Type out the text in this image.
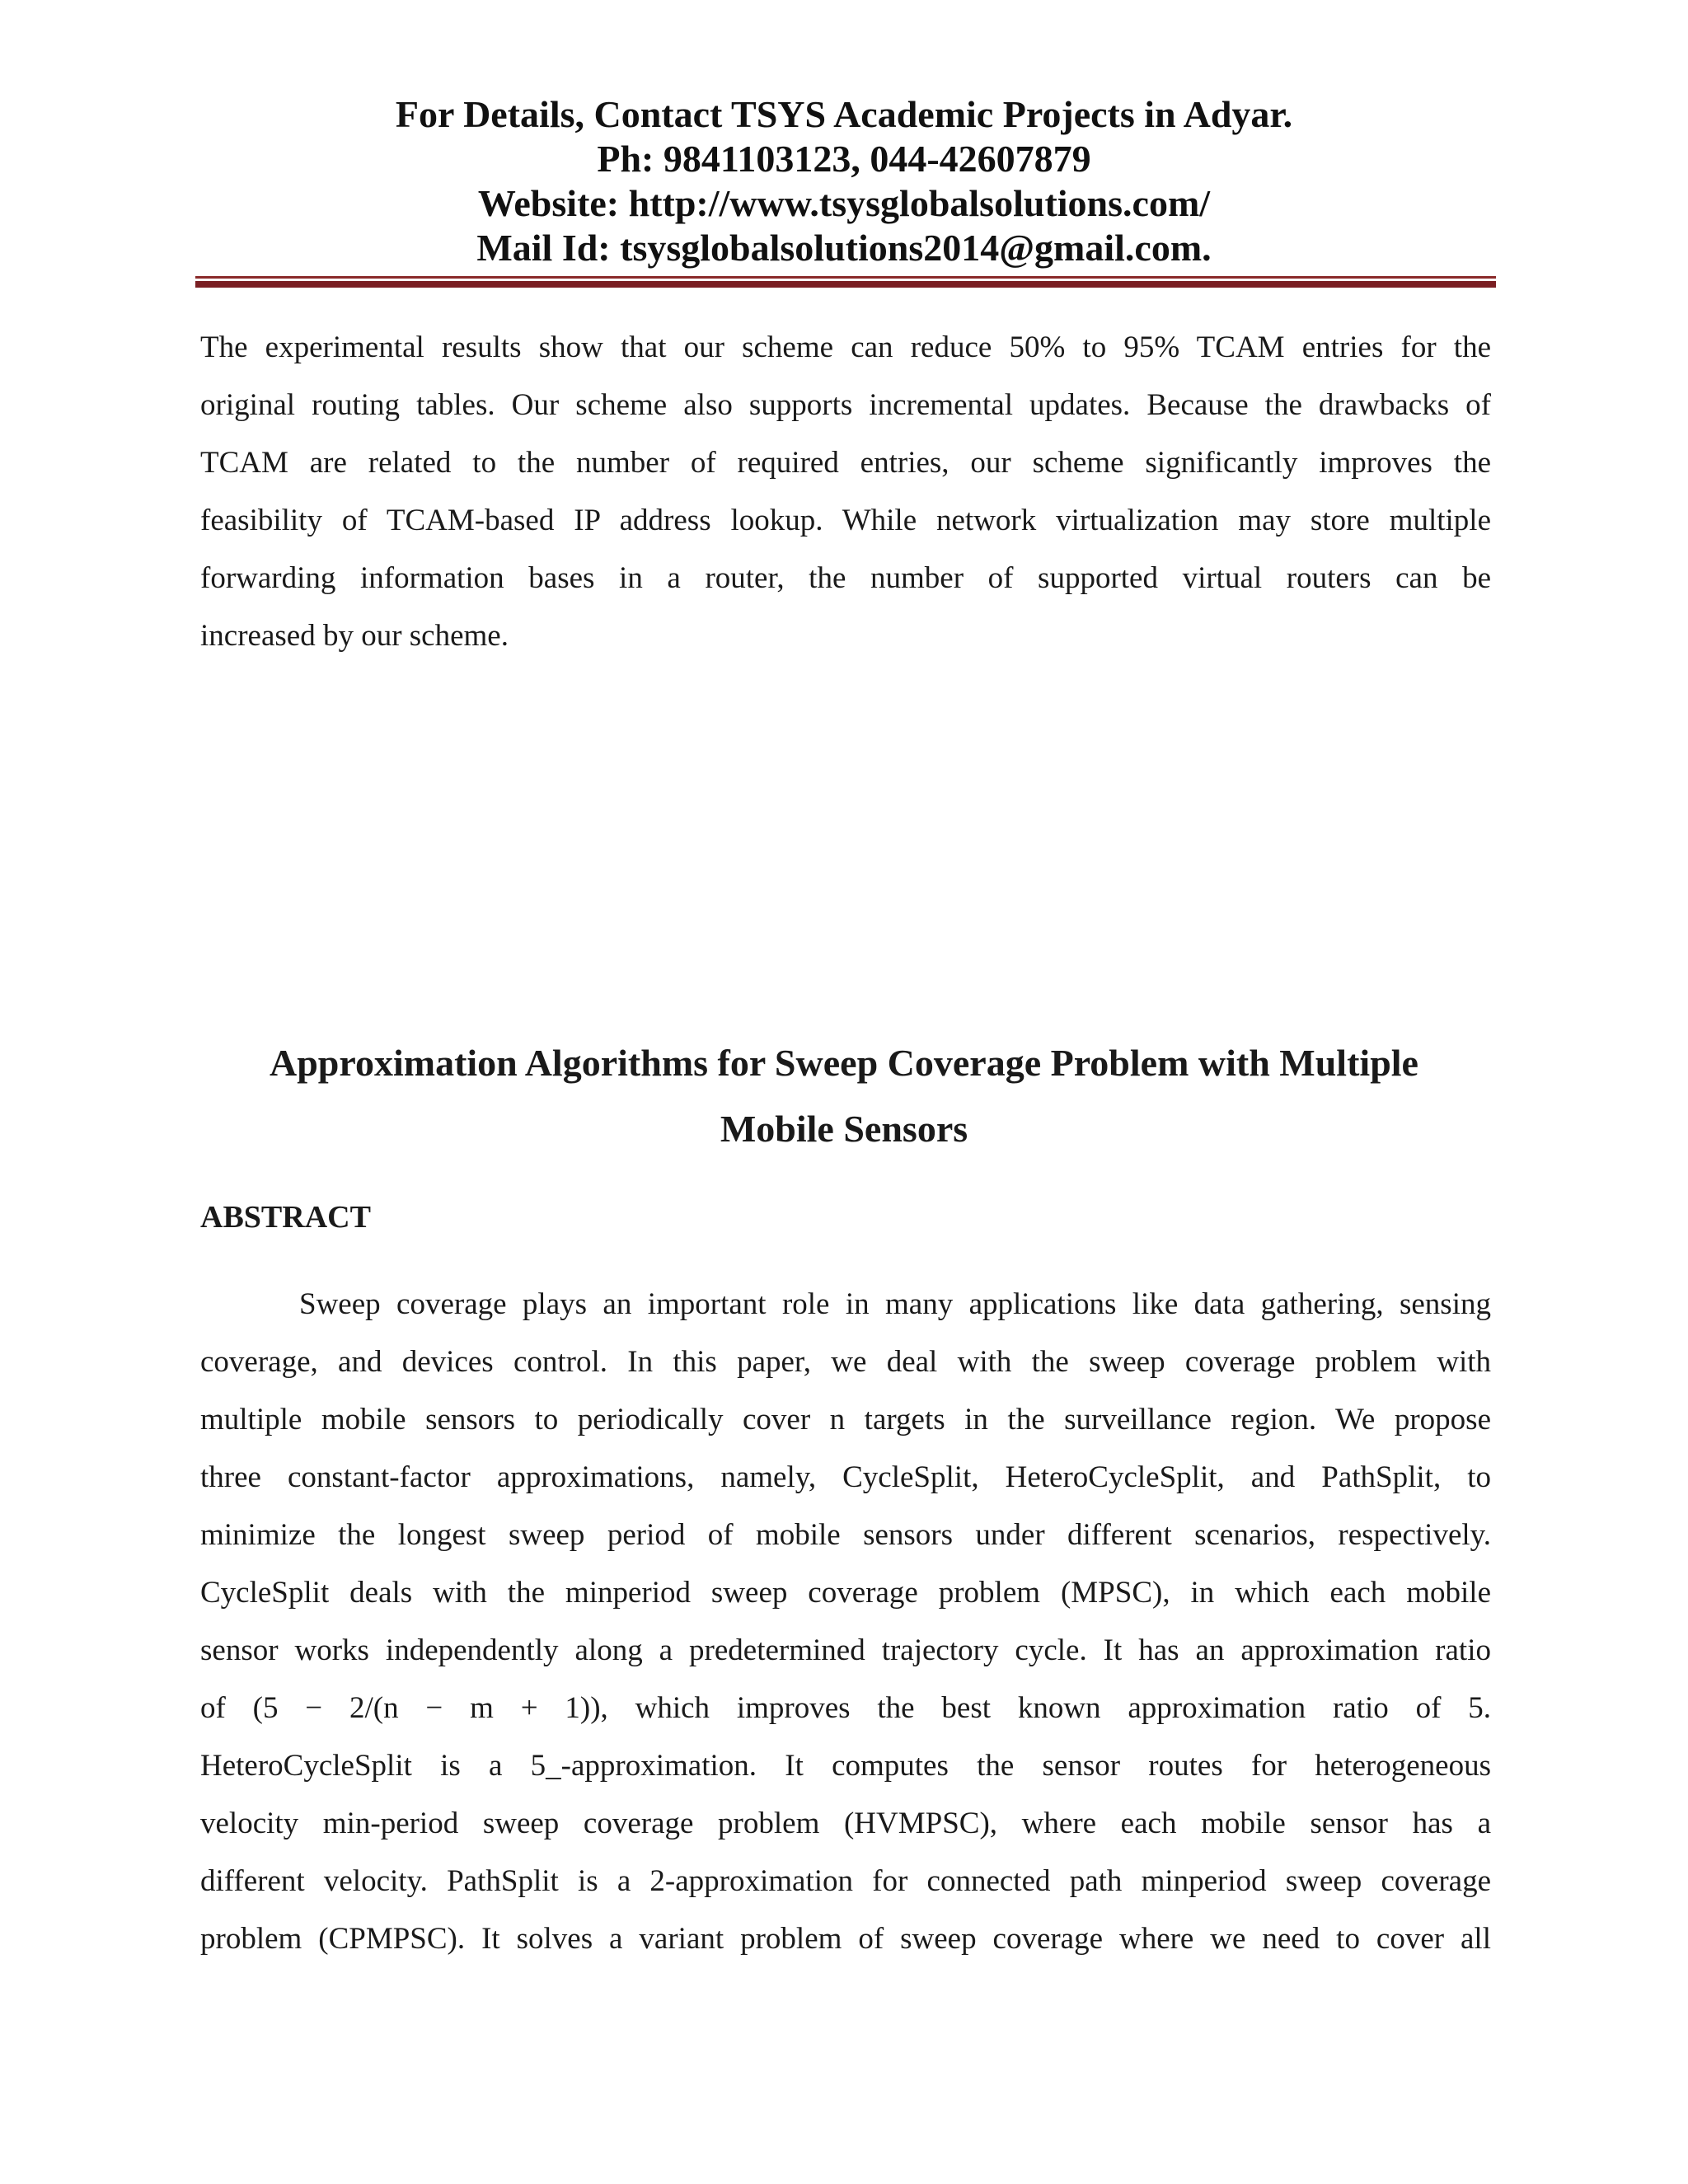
For Details, Contact TSYS Academic Projects in Adyar.
Ph: 9841103123, 044-42607879
Website: http://www.tsysglobalsolutions.com/
Mail Id: tsysglobalsolutions2014@gmail.com.
The experimental results show that our scheme can reduce 50% to 95% TCAM entries for the
original routing tables. Our scheme also supports incremental updates. Because the drawbacks of
TCAM are related to the number of required entries, our scheme significantly improves the
feasibility of TCAM-based IP address lookup. While network virtualization may store multiple
forwarding information bases in a router, the number of supported virtual routers can be
increased by our scheme.
Approximation Algorithms for Sweep Coverage Problem with Multiple
Mobile Sensors
ABSTRACT
Sweep coverage plays an important role in many applications like data gathering, sensing
coverage, and devices control. In this paper, we deal with the sweep coverage problem with
multiple mobile sensors to periodically cover n targets in the surveillance region. We propose
three constant-factor approximations, namely, CycleSplit, HeteroCycleSplit, and PathSplit, to
minimize the longest sweep period of mobile sensors under different scenarios, respectively.
CycleSplit deals with the minperiod sweep coverage problem (MPSC), in which each mobile
sensor works independently along a predetermined trajectory cycle. It has an approximation ratio
of (5 − 2/(n − m + 1)), which improves the best known approximation ratio of 5.
HeteroCycleSplit is a 5_-approximation. It computes the sensor routes for heterogeneous
velocity min-period sweep coverage problem (HVMPSC), where each mobile sensor has a
different velocity. PathSplit is a 2-approximation for connected path minperiod sweep coverage
problem (CPMPSC). It solves a variant problem of sweep coverage where we need to cover all
